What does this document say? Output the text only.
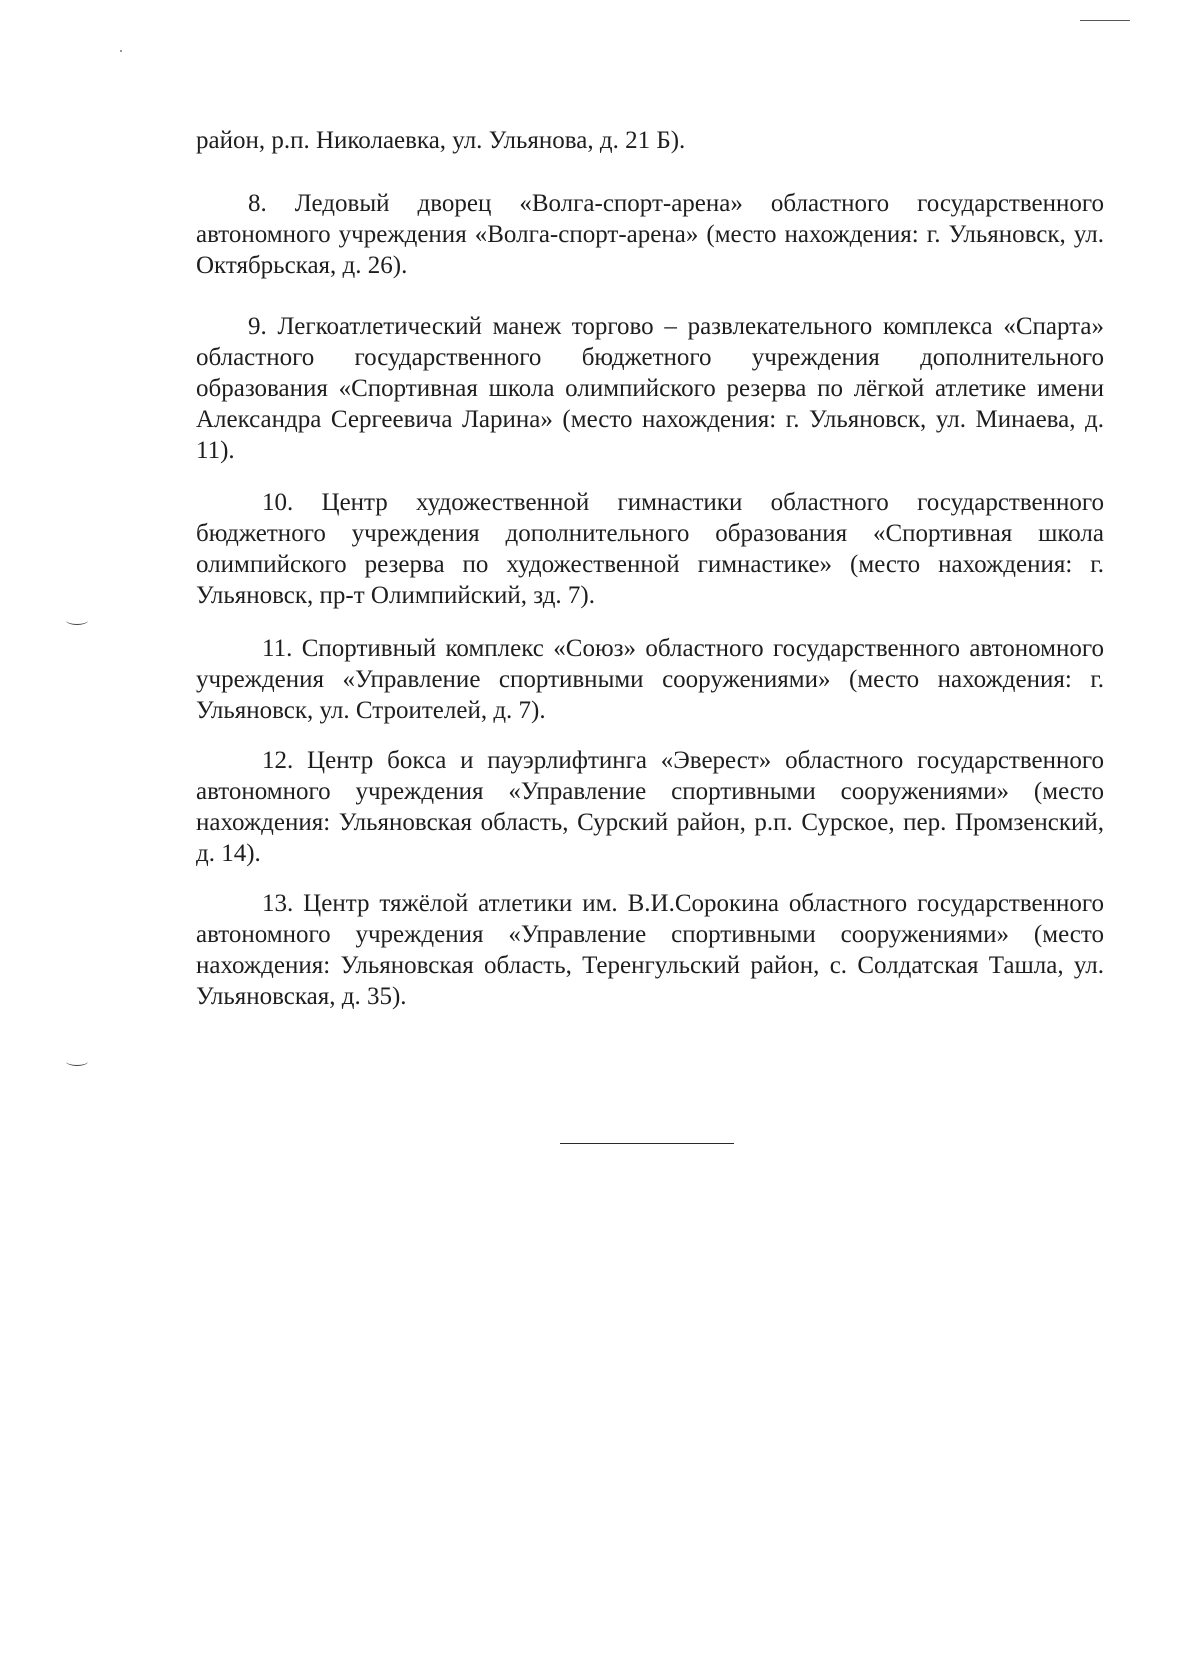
район, р.п. Николаевка, ул. Ульянова, д. 21 Б).

8. Ледовый дворец «Волга-спорт-арена» областного государственного автономного учреждения «Волга-спорт-арена» (место нахождения: г. Ульяновск, ул. Октябрьская, д. 26).

9. Легкоатлетический манеж торгово – развлекательного комплекса «Спарта» областного государственного бюджетного учреждения дополнительного образования «Спортивная школа олимпийского резерва по лёгкой атлетике имени Александра Сергеевича Ларина» (место нахождения: г. Ульяновск, ул. Минаева, д. 11).

10. Центр художественной гимнастики областного государственного бюджетного учреждения дополнительного образования «Спортивная школа олимпийского резерва по художественной гимнастике» (место нахождения: г. Ульяновск, пр-т Олимпийский, зд. 7).

11. Спортивный комплекс «Союз» областного государственного автономного учреждения «Управление спортивными сооружениями» (место нахождения: г. Ульяновск, ул. Строителей, д. 7).

12. Центр бокса и пауэрлифтинга «Эверест» областного государственного автономного учреждения «Управление спортивными сооружениями» (место нахождения: Ульяновская область, Сурский район, р.п. Сурское, пер. Промзенский, д. 14).

13. Центр тяжёлой атлетики им. В.И.Сорокина областного государственного автономного учреждения «Управление спортивными сооружениями» (место нахождения: Ульяновская область, Теренгульский район, с. Солдатская Ташла, ул. Ульяновская, д. 35).
